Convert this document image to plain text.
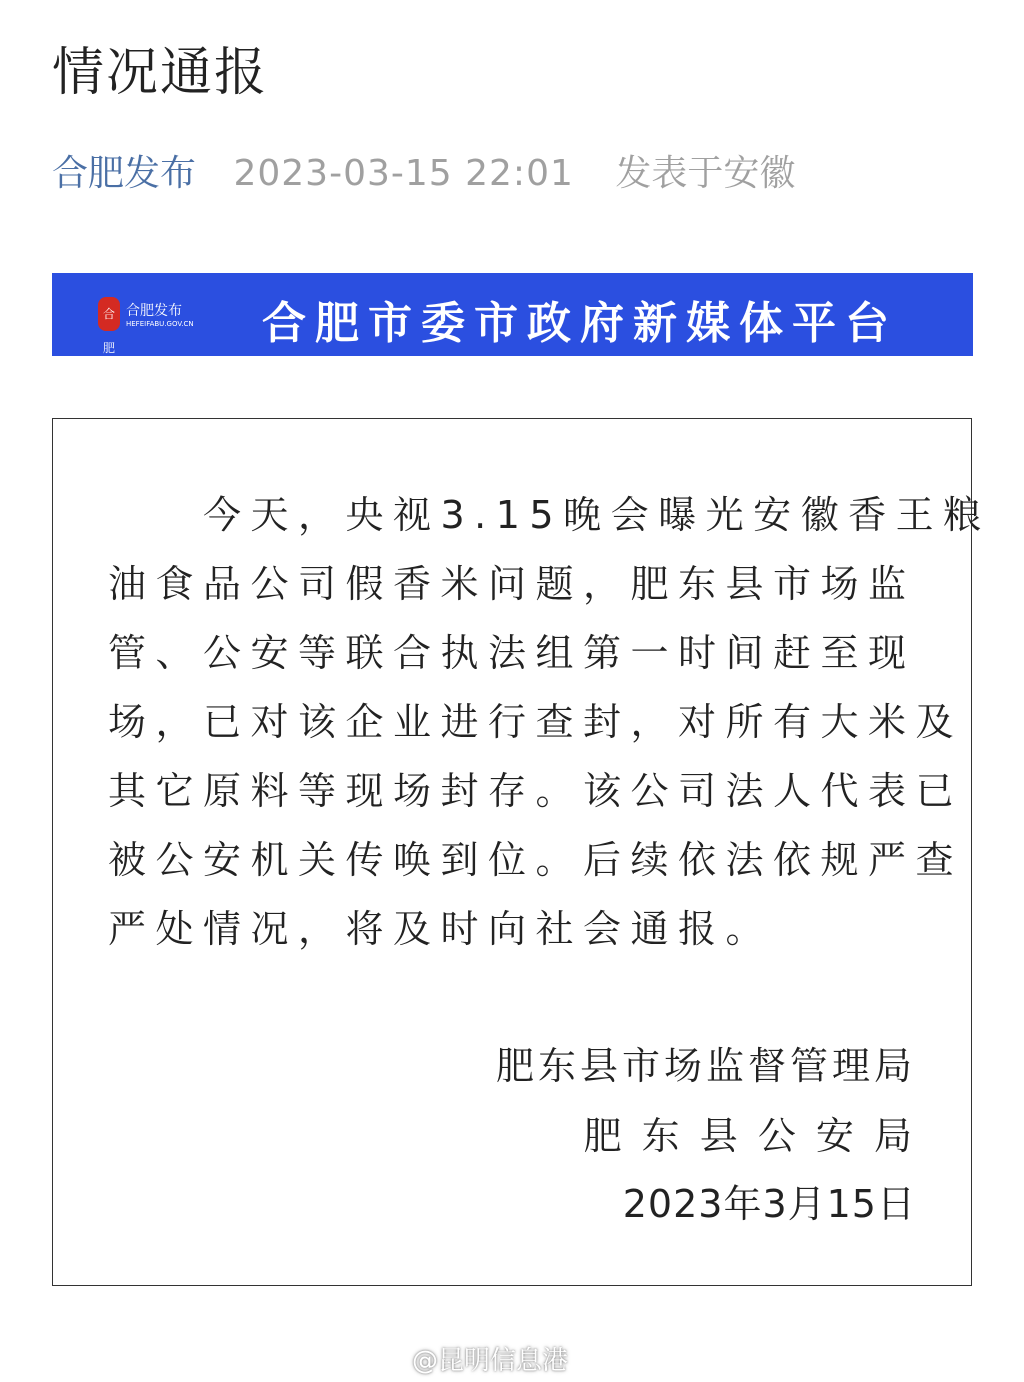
情况通报
合肥发布 2023-03-15 22:01 发表于安徽
合肥
合肥发布
HEFEIFABU.GOV.CN 合肥市委市政府新媒体平台
　　今天，央视3.15晚会曝光安徽香王粮
油食品公司假香米问题，肥东县市场监
管、公安等联合执法组第一时间赶至现
场，已对该企业进行查封，对所有大米及
其它原料等现场封存。该公司法人代表已
被公安机关传唤到位。后续依法依规严查
严处情况，将及时向社会通报。
肥东县市场监督管理局
肥 东 县 公 安 局
2023年3月15日
@昆明信息港
